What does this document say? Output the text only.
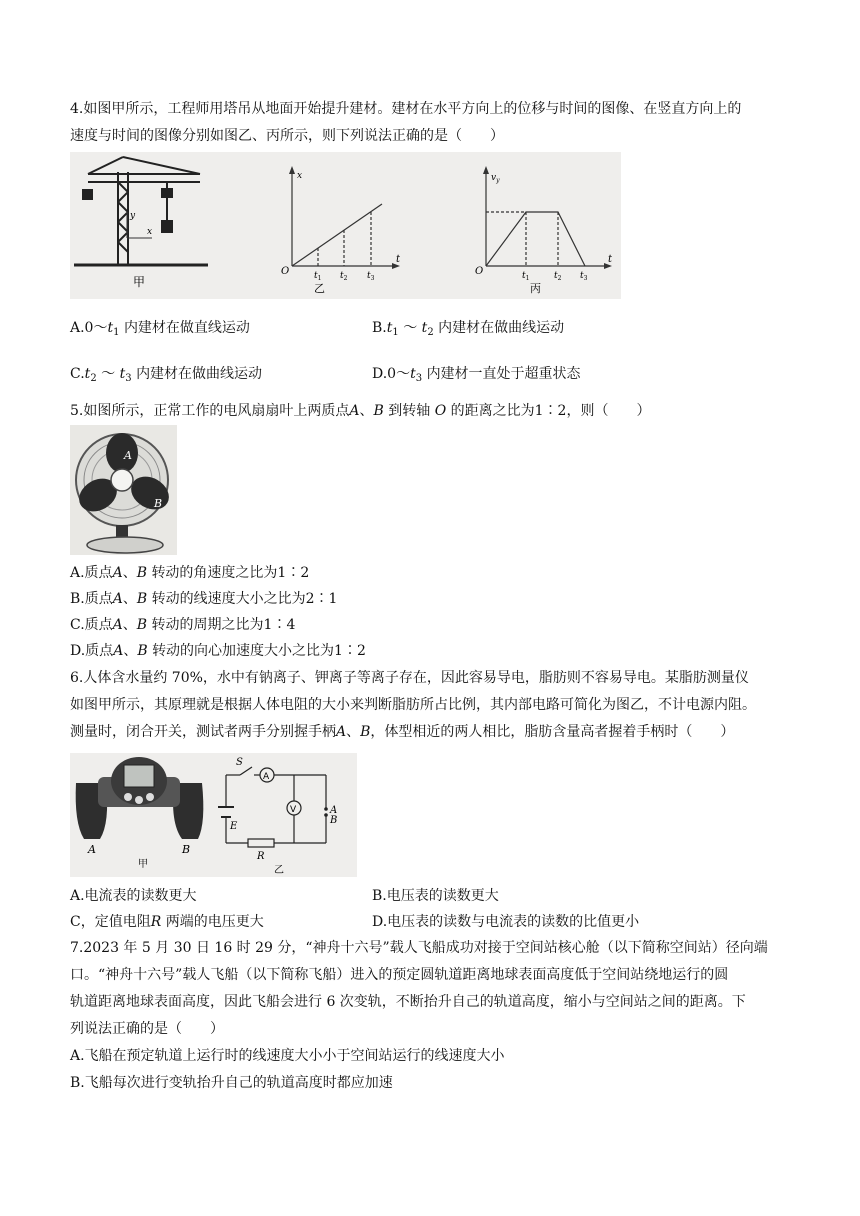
4.如图甲所示，工程师用塔吊从地面开始提升建材。建材在水平方向上的位移与时间的图像、在竖直方向上的
速度与时间的图像分别如图乙、丙所示，则下列说法正确的是（　　）
y
x
甲
x
O
t
$t_1$ $t_2$ $t_3$
乙
$v_y$
O
t
$t_1$	$t_2$ $t_3$
丙
$A.0\sim t_1$ 内建材在做直线运动	$B.t_1$ ～ $t_2$ 内建材在做曲线运动
$C.t_2$ ～ $t_3$ 内建材在做曲线运动	$D.0\sim t_3$ 内建材一直处于超重状态
5.如图所示，正常工作的电风扇扇叶上两质点A、B 到转轴 O 的距离之比为1∶2，则（　　）
A
B
A.质点A、B 转动的角速度之比为1∶2
B.质点A、B 转动的线速度大小之比为2∶1
C.质点A、B 转动的周期之比为1∶4
D.质点A、B 转动的向心加速度大小之比为1∶2
6.人体含水量约 70%，水中有钠离子、钾离子等离子存在，因此容易导电，脂肪则不容易导电。某脂肪测量仪
如图甲所示，其原理就是根据人体电阻的大小来判断脂肪所占比例，其内部电路可简化为图乙，不计电源内阻。
测量时，闭合开关，测试者两手分别握手柄A、B，体型相近的两人相比，脂肪含量高者握着手柄时（　　）
A	B
甲
S
A
V
E
R
A
B
乙
A.电流表的读数更大	B.电压表的读数更大
C，定值电阻R 两端的电压更大	D.电压表的读数与电流表的读数的比值更小
7.2023 年 5 月 30 日 16 时 29 分，“神舟十六号”载人飞船成功对接于空间站核心舱（以下简称空间站）径向端
口。“神舟十六号”载人飞船（以下简称飞船）进入的预定圆轨道距离地球表面高度低于空间站绕地运行的圆
轨道距离地球表面高度，因此飞船会进行 6 次变轨，不断抬升自己的轨道高度，缩小与空间站之间的距离。下
列说法正确的是（　　）
A.飞船在预定轨道上运行时的线速度大小小于空间站运行的线速度大小
B.飞船每次进行变轨抬升自己的轨道高度时都应加速
